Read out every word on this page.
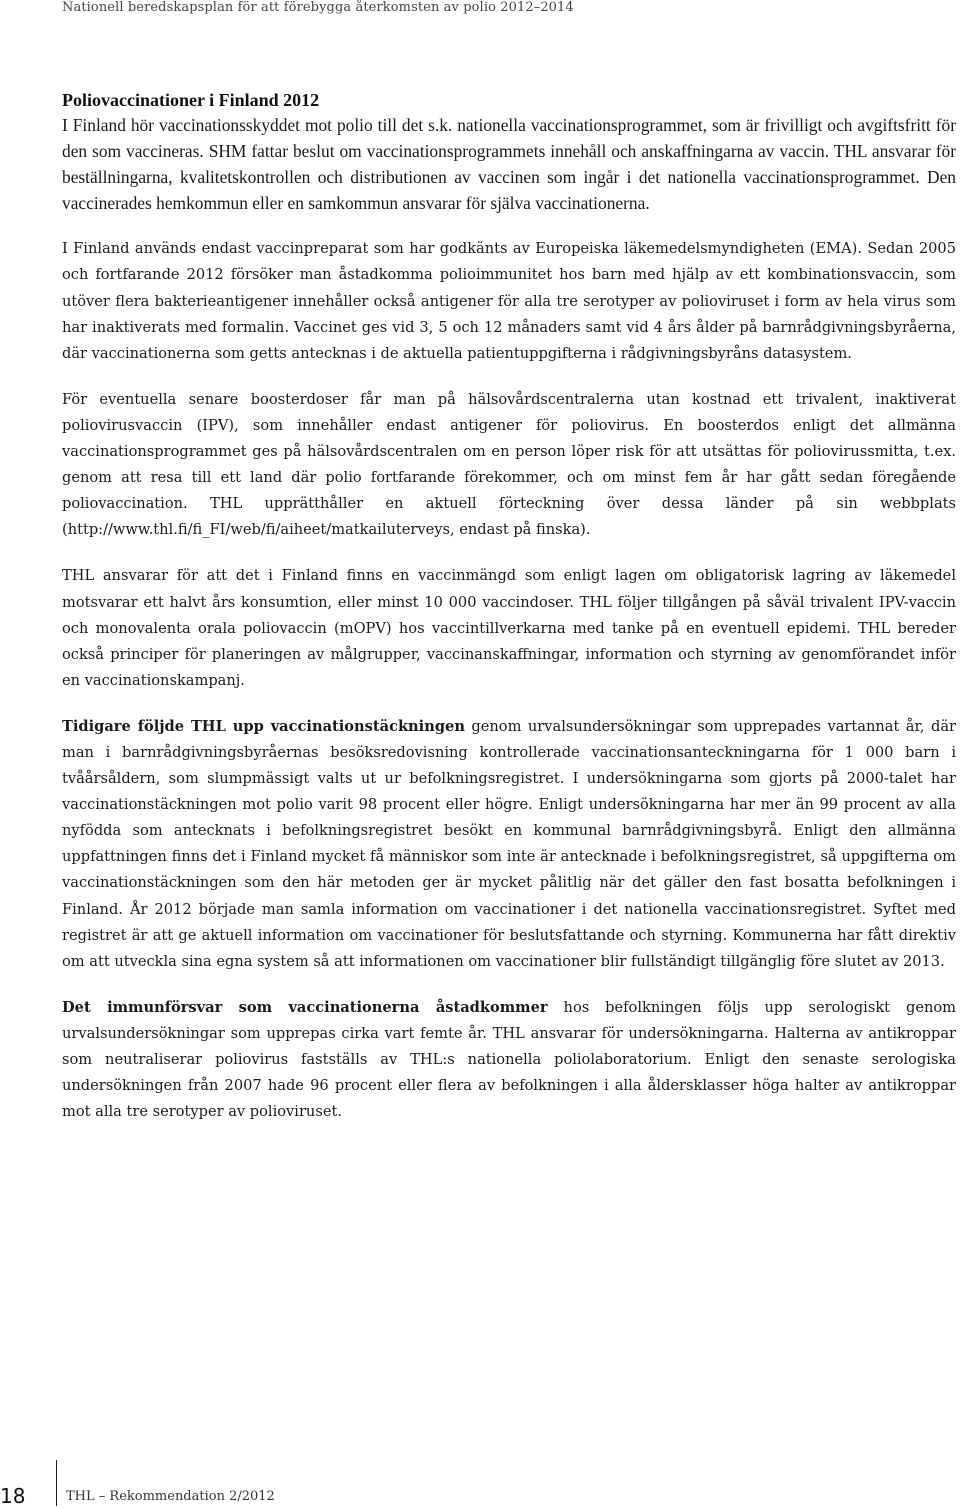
Nationell beredskapsplan för att förebygga återkomsten av polio 2012–2014
Poliovaccinationer i Finland 2012

I Finland hör vaccinationsskyddet mot polio till det s.k. nationella vaccinationsprogrammet, som är frivilligt och avgiftsfritt för den som vaccineras. SHM fattar beslut om vaccinationsprogrammets innehåll och anskaffningarna av vaccin. THL ansvarar för beställningarna, kvalitetskontrollen och distributionen av vaccinen som ingår i det nationella vaccinationsprogrammet. Den vaccinerades hemkommun eller en samkommun ansvarar för själva vaccinationerna.

I Finland används endast vaccinpreparat som har godkänts av Europeiska läkemedelsmyndigheten (EMA). Sedan 2005 och fortfarande 2012 försöker man åstadkomma polioimmunitet hos barn med hjälp av ett kombinationsvaccin, som utöver flera bakterieantigener innehåller också antigener för alla tre serotyper av polioviruset i form av hela virus som har inaktiverats med formalin. Vaccinet ges vid 3, 5 och 12 månaders samt vid 4 års ålder på barnrådgivningsbyråerna, där vaccinationerna som getts antecknas i de aktuella patientuppgifterna i rådgivningsbyråns datasystem.

För eventuella senare boosterdoser får man på hälsovårdscentralerna utan kostnad ett trivalent, inaktiverat poliovirusvaccin (IPV), som innehåller endast antigener för poliovirus. En boosterdos enligt det allmänna vaccinationsprogrammet ges på hälsovårdscentralen om en person löper risk för att utsättas för poliovirussmitta, t.ex. genom att resa till ett land där polio fortfarande förekommer, och om minst fem år har gått sedan föregående poliovaccination. THL upprätthåller en aktuell förteckning över dessa länder på sin webbplats (http://www.thl.fi/fi_FI/web/fi/aiheet/matkailuterveys, endast på finska).

THL ansvarar för att det i Finland finns en vaccinmängd som enligt lagen om obligatorisk lagring av läkemedel motsvarar ett halvt års konsumtion, eller minst 10 000 vaccindoser. THL följer tillgången på såväl trivalent IPV-vaccin och monovalenta orala poliovaccin (mOPV) hos vaccintillverkarna med tanke på en eventuell epidemi. THL bereder också principer för planeringen av målgrupper, vaccinanskaffningar, information och styrning av genomförandet inför en vaccinationskampanj.

Tidigare följde THL upp vaccinationstäckningen genom urvalsundersökningar som upprepades vartannat år, där man i barnrådgivningsbyråernas besöksredovisning kontrollerade vaccinationsanteckningarna för 1 000 barn i tvåårsåldern, som slumpmässigt valts ut ur befolkningsregistret. I undersökningarna som gjorts på 2000-talet har vaccinationstäckningen mot polio varit 98 procent eller högre. Enligt undersökningarna har mer än 99 procent av alla nyfödda som antecknats i befolkningsregistret besökt en kommunal barnrådgivningsbyrå. Enligt den allmänna uppfattningen finns det i Finland mycket få människor som inte är antecknade i befolkningsregistret, så uppgifterna om vaccinationstäckningen som den här metoden ger är mycket pålitlig när det gäller den fast bosatta befolkningen i Finland. År 2012 började man samla information om vaccinationer i det nationella vaccinationsregistret. Syftet med registret är att ge aktuell information om vaccinationer för beslutsfattande och styrning. Kommunerna har fått direktiv om att utveckla sina egna system så att informationen om vaccinationer blir fullständigt tillgänglig före slutet av 2013.

Det immunförsvar som vaccinationerna åstadkommer hos befolkningen följs upp serologiskt genom urvalsundersökningar som upprepas cirka vart femte år. THL ansvarar för undersökningarna. Halterna av antikroppar som neutraliserar poliovirus fastställs av THL:s nationella poliolaboratorium. Enligt den senaste serologiska undersökningen från 2007 hade 96 procent eller flera av befolkningen i alla åldersklasser höga halter av antikroppar mot alla tre serotyper av polioviruset.

18	THL – Rekommendation 2/2012
